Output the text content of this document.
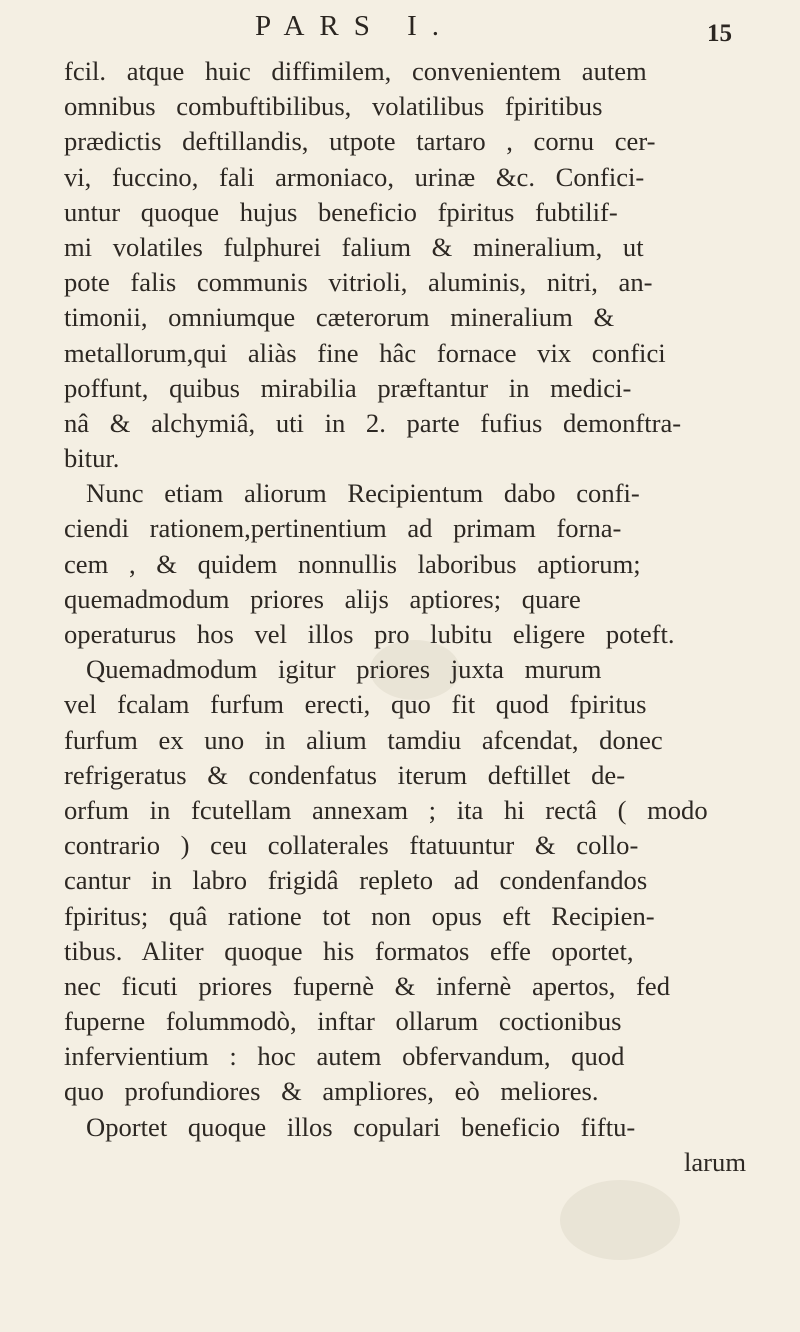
PARS I.	15
fcil. atque huic diffimilem, convenientem autem
omnibus combuftibilibus, volatilibus fpiritibus
prædictis deftillandis, utpote tartaro , cornu cer-
vi, fuccino, fali armoniaco, urinæ &c. Confici-
untur quoque hujus beneficio fpiritus fubtilif-
mi volatiles fulphurei falium & mineralium, ut
pote falis communis vitrioli, aluminis, nitri, an-
timonii, omniumque cæterorum mineralium &
metallorum,qui aliàs fine hâc fornace vix confici
poffunt, quibus mirabilia præftantur in medici-
nâ & alchymiâ, uti in 2. parte fufius demonftra-
bitur.
Nunc etiam aliorum Recipientum dabo confi-
ciendi rationem,pertinentium ad primam forna-
cem , & quidem nonnullis laboribus aptiorum;
quemadmodum priores alijs aptiores; quare
operaturus hos vel illos pro lubitu eligere poteft.
Quemadmodum igitur priores juxta murum
vel fcalam furfum erecti, quo fit quod fpiritus
furfum ex uno in alium tamdiu afcendat, donec
refrigeratus & condenfatus iterum deftillet de-
orfum in fcutellam annexam ; ita hi rectâ ( modo
contrario ) ceu collaterales ftatuuntur & collo-
cantur in labro frigidâ repleto ad condenfandos
fpiritus; quâ ratione tot non opus eft Recipien-
tibus. Aliter quoque his formatos effe oportet,
nec ficuti priores fupernè & infernè apertos, fed
fuperne folummodò, inftar ollarum coctionibus
infervientium : hoc autem obfervandum, quod
quo profundiores & ampliores, eò meliores.
Oportet quoque illos copulari beneficio fiftu-
larum
